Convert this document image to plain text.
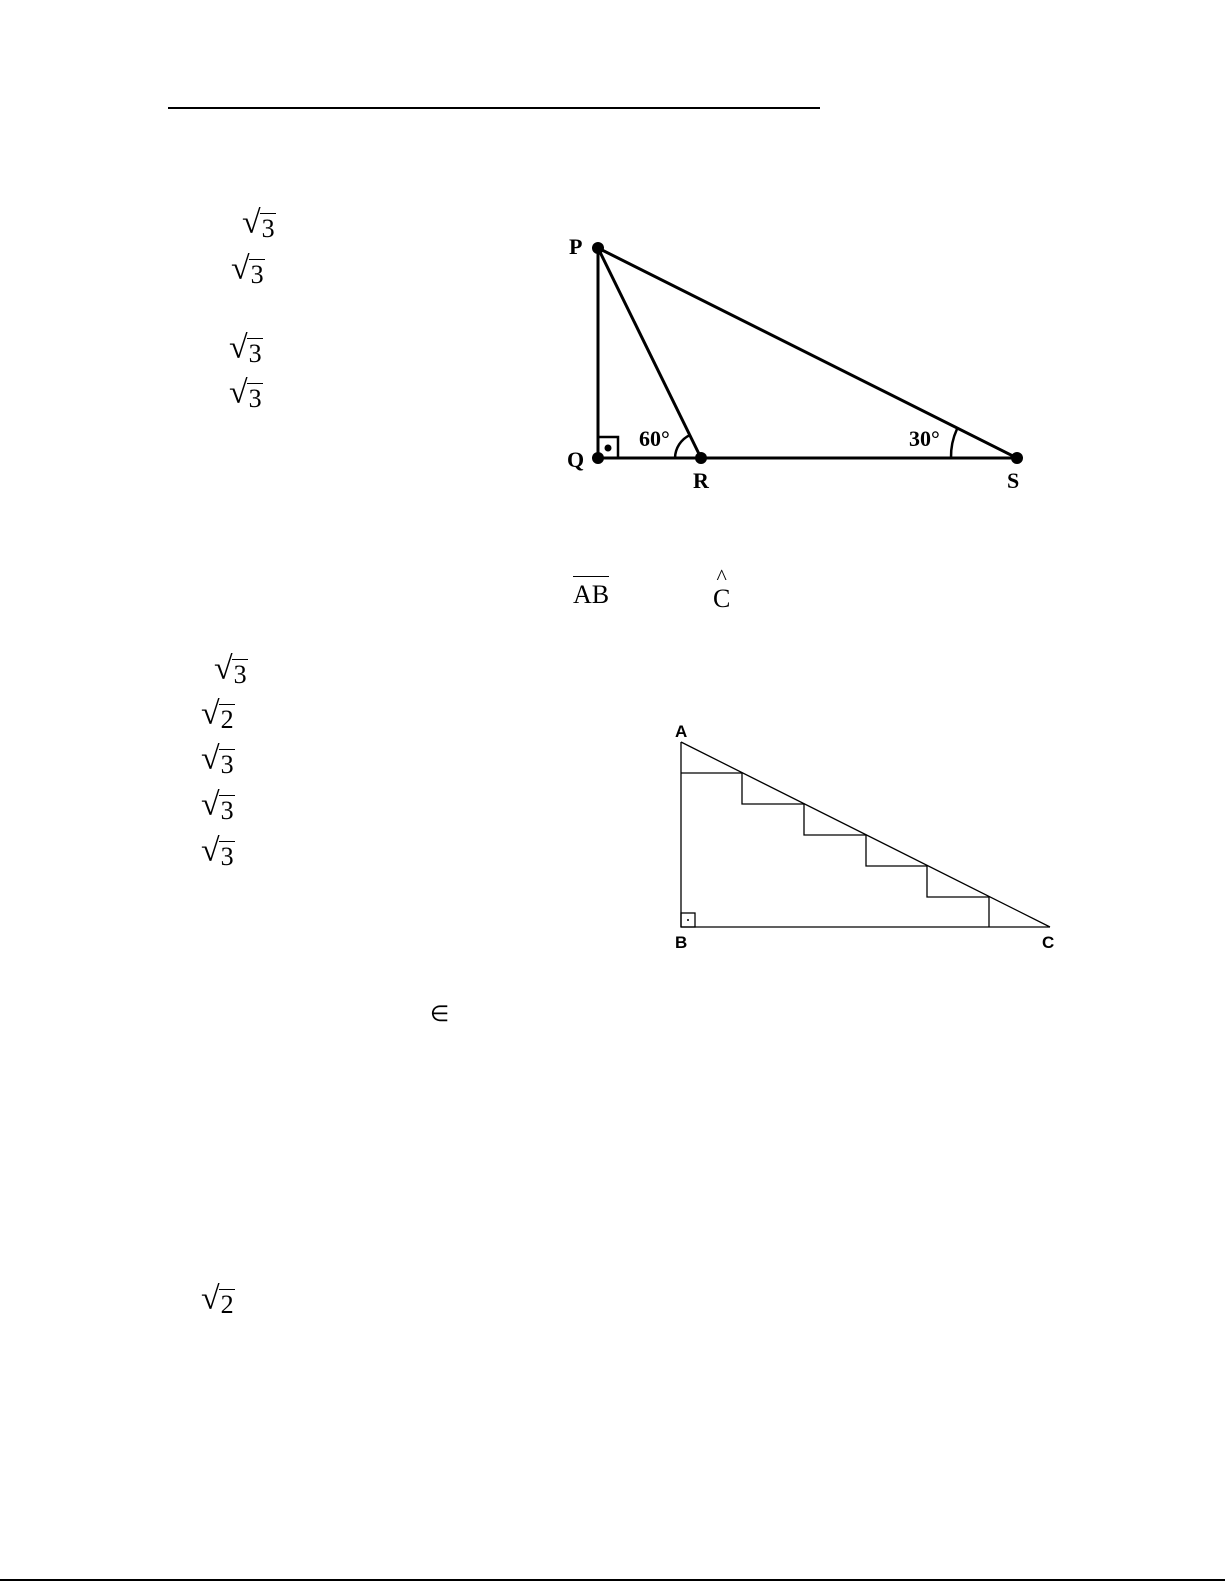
√ 3
√ 3
√ 3
√ 3
P
Q
R	S
60°	30°
AB
^
C
√ 3
√ 2
√ 3
√ 3
√ 3
A
B	C
∈
√ 2
